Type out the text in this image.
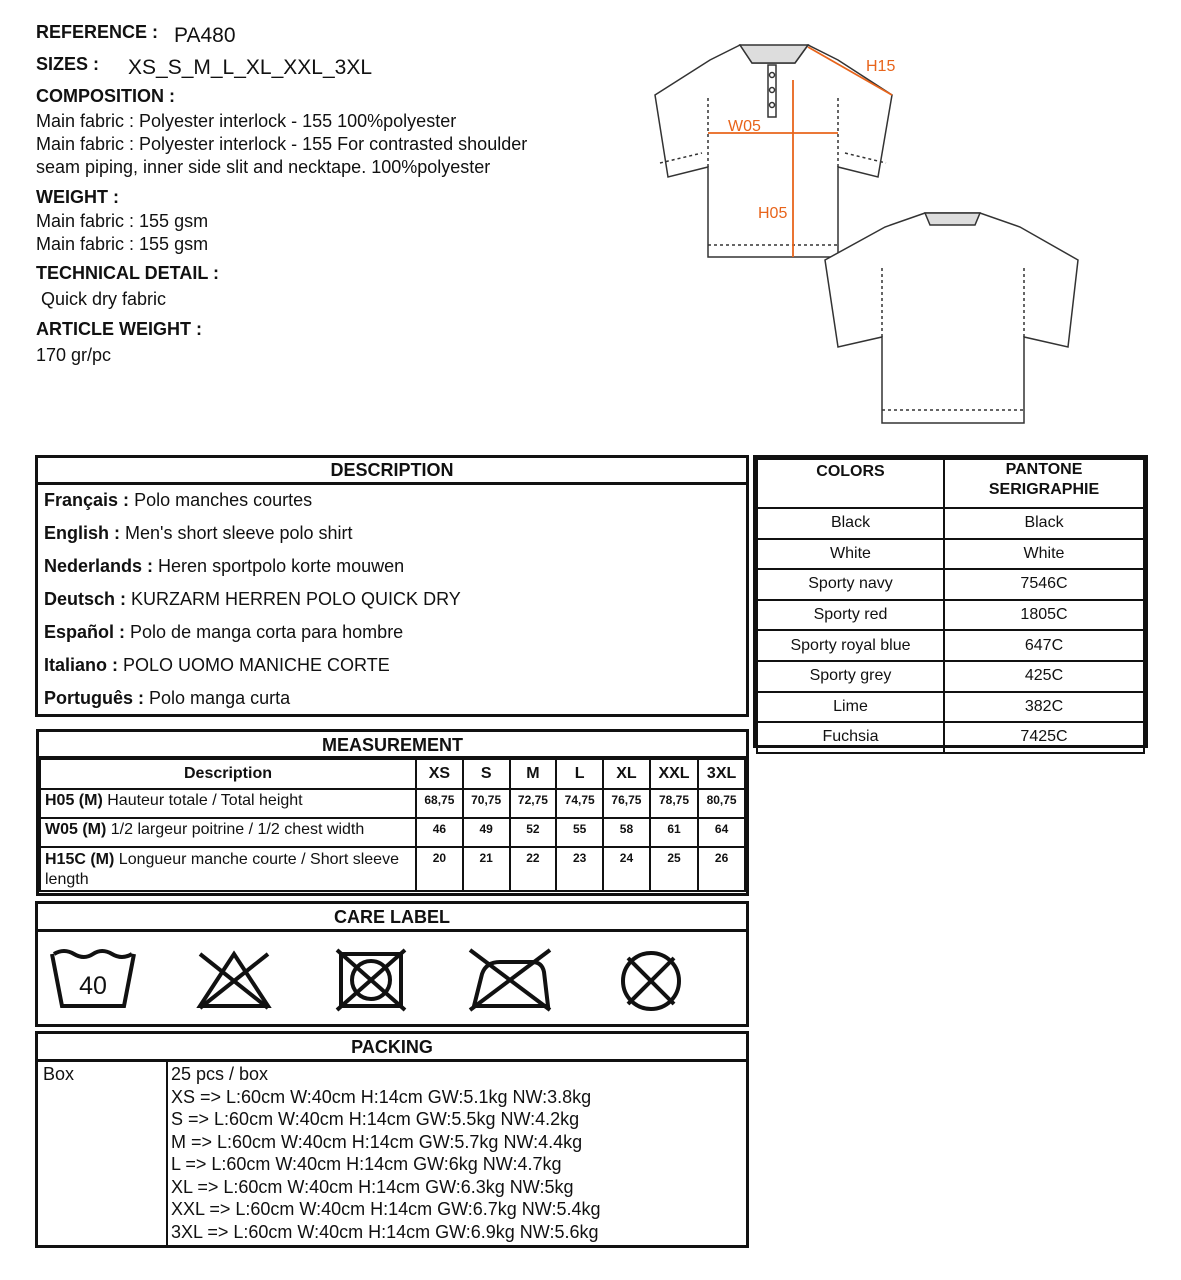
REFERENCE : PA480
SIZES : XS_S_M_L_XL_XXL_3XL
COMPOSITION :
Main fabric : Polyester interlock - 155 100%polyester
Main fabric : Polyester interlock - 155 For contrasted shoulder
seam piping, inner side slit and necktape. 100%polyester
WEIGHT :
Main fabric : 155 gsm
Main fabric : 155 gsm
TECHNICAL DETAIL :
Quick dry fabric
ARTICLE WEIGHT :
170 gr/pc
W05
H05
H15
DESCRIPTION
Français : Polo manches courtes
English : Men's short sleeve polo shirt
Nederlands : Heren sportpolo korte mouwen
Deutsch : KURZARM HERREN POLO QUICK DRY
Español : Polo de manga corta para hombre
Italiano : POLO UOMO MANICHE CORTE
Português : Polo manga curta
COLORS	PANTONE
SERIGRAPHIE

Black	Black
White	White
Sporty navy	7546C
Sporty red	1805C
Sporty royal blue	647C
Sporty grey	425C
Lime	382C
Fuchsia	7425C
MEASUREMENT
Description	XS	S	M	L	XL	XXL	3XL
H05 (M) Hauteur totale / Total height	68,75	70,75	72,75	74,75	76,75	78,75	80,75
W05 (M) 1/2 largeur poitrine / 1/2 chest width	46	49	52	55	58	61	64
H15C (M) Longueur manche courte / Short sleeve length	20	21	22	23	24	25	26
CARE LABEL
40
PACKING
Box	25 pcs / box
XS => L:60cm W:40cm H:14cm GW:5.1kg NW:3.8kg
S => L:60cm W:40cm H:14cm GW:5.5kg NW:4.2kg
M => L:60cm W:40cm H:14cm GW:5.7kg NW:4.4kg
L => L:60cm W:40cm H:14cm GW:6kg NW:4.7kg
XL => L:60cm W:40cm H:14cm GW:6.3kg NW:5kg
XXL => L:60cm W:40cm H:14cm GW:6.7kg NW:5.4kg
3XL => L:60cm W:40cm H:14cm GW:6.9kg NW:5.6kg
